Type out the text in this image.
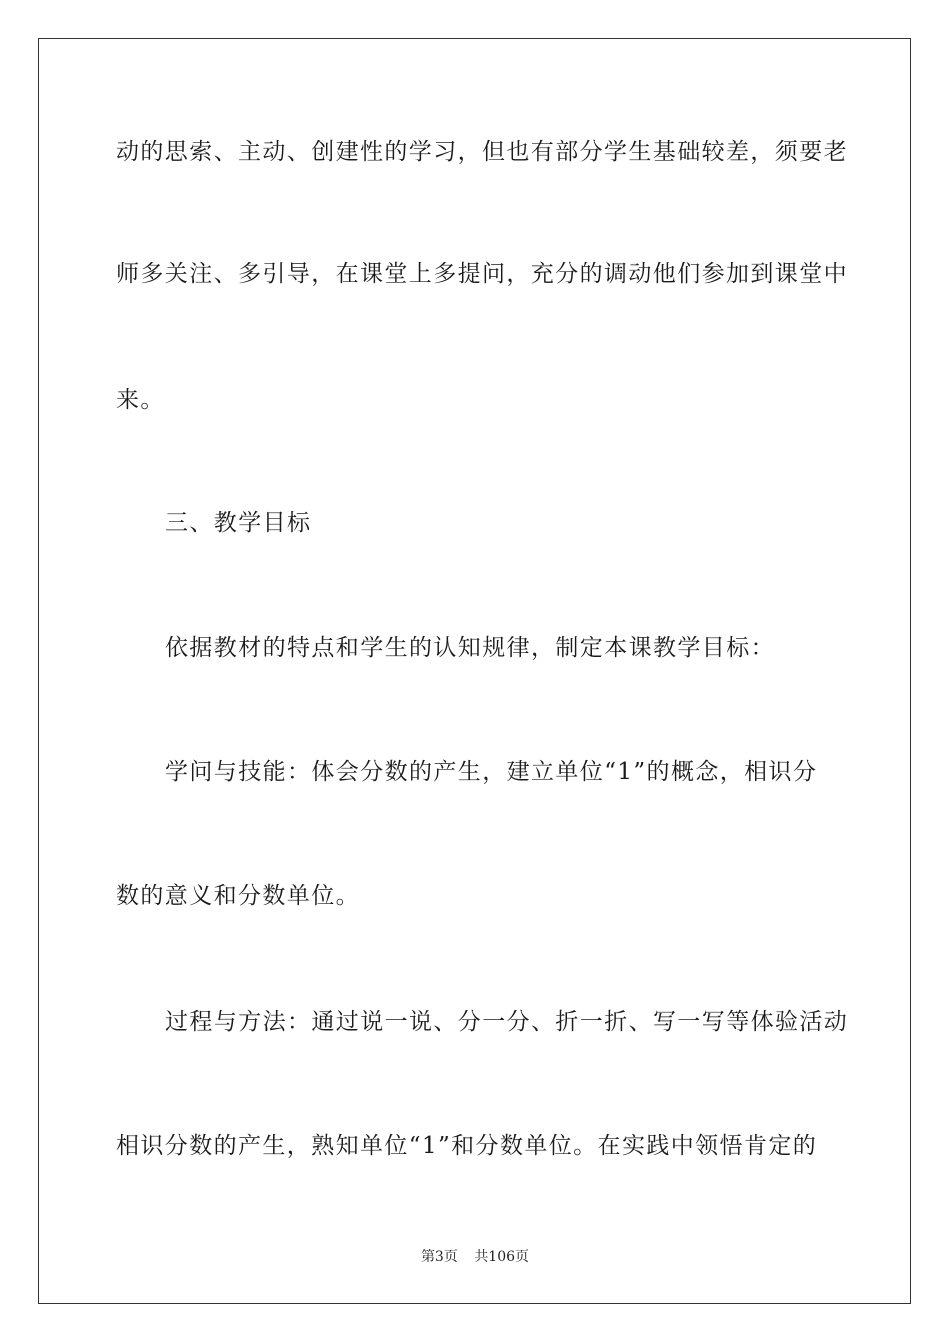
动的思索、主动、创建性的学习，但也有部分学生基础较差，须要老
师多关注、多引导，在课堂上多提问，充分的调动他们参加到课堂中
来。
三、教学目标
依据教材的特点和学生的认知规律，制定本课教学目标：
学问与技能：体会分数的产生，建立单位“1”的概念，相识分
数的意义和分数单位。
过程与方法：通过说一说、分一分、折一折、写一写等体验活动
相识分数的产生，熟知单位“1”和分数单位。在实践中领悟肯定的
第3页 共106页
